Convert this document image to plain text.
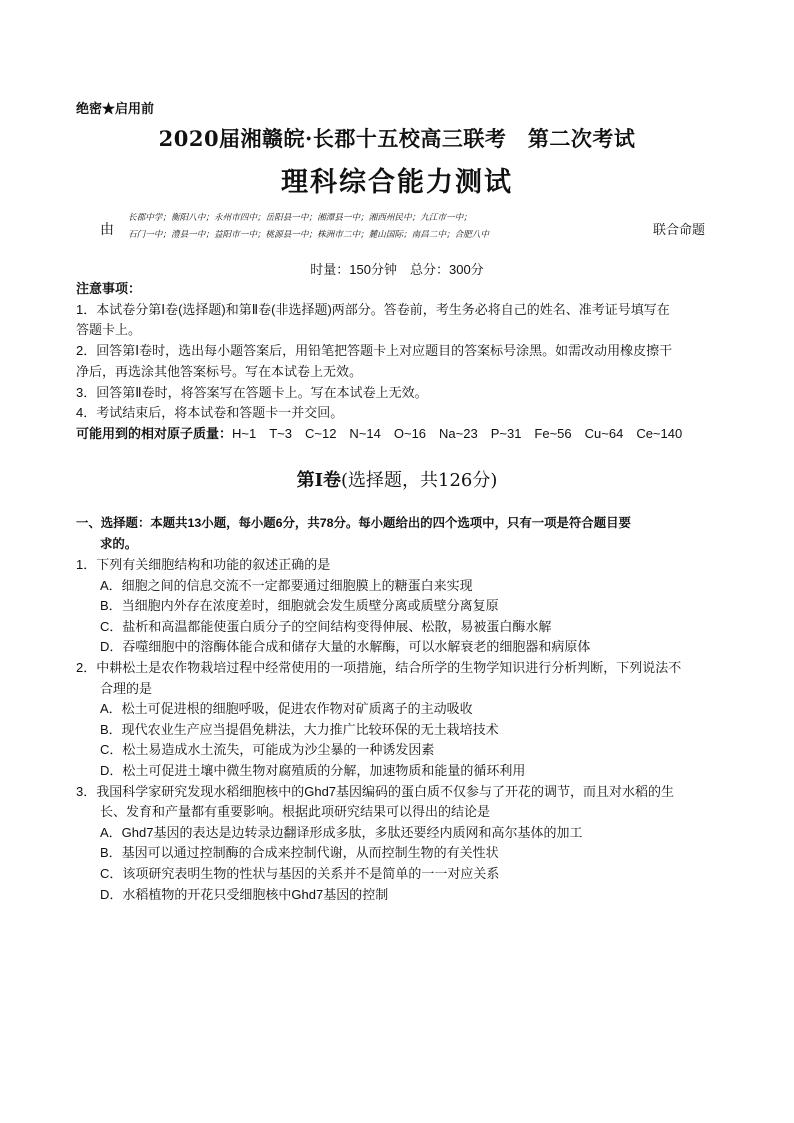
绝密★启用前
2020届湘赣皖·长郡十五校高三联考　第二次考试
理科综合能力测试
由
长郡中学；衡阳八中；永州市四中；岳阳县一中；湘潭县一中；湘西州民中；九江市一中；
石门一中；澧县一中；益阳市一中；桃源县一中；株洲市二中；麓山国际；南昌二中；合肥八中	联合命题
时量：150分钟　总分：300分
注意事项：
1．本试卷分第Ⅰ卷(选择题)和第Ⅱ卷(非选择题)两部分。答卷前，考生务必将自己的姓名、准考证号填写在
答题卡上。
2．回答第Ⅰ卷时，选出每小题答案后，用铅笔把答题卡上对应题目的答案标号涂黑。如需改动用橡皮擦干
净后，再选涂其他答案标号。写在本试卷上无效。
3．回答第Ⅱ卷时，将答案写在答题卡上。写在本试卷上无效。
4．考试结束后，将本试卷和答题卡一并交回。
可能用到的相对原子质量：H~1　T~3　C~12　N~14　O~16　Na~23　P~31　Fe~56　Cu~64　Ce~140
第Ⅰ卷(选择题，共126分)
一、选择题：本题共13小题，每小题6分，共78分。每小题给出的四个选项中，只有一项是符合题目要
求的。
1．下列有关细胞结构和功能的叙述正确的是
A．细胞之间的信息交流不一定都要通过细胞膜上的糖蛋白来实现
B．当细胞内外存在浓度差时，细胞就会发生质壁分离或质壁分离复原
C．盐析和高温都能使蛋白质分子的空间结构变得伸展、松散，易被蛋白酶水解
D．吞噬细胞中的溶酶体能合成和储存大量的水解酶，可以水解衰老的细胞器和病原体
2．中耕松土是农作物栽培过程中经常使用的一项措施，结合所学的生物学知识进行分析判断，下列说法不
合理的是
A．松土可促进根的细胞呼吸，促进农作物对矿质离子的主动吸收
B．现代农业生产应当提倡免耕法，大力推广比较环保的无土栽培技术
C．松土易造成水土流失，可能成为沙尘暴的一种诱发因素
D．松土可促进土壤中微生物对腐殖质的分解，加速物质和能量的循环利用
3．我国科学家研究发现水稻细胞核中的Ghd7基因编码的蛋白质不仅参与了开花的调节，而且对水稻的生
长、发育和产量都有重要影响。根据此项研究结果可以得出的结论是
A．Ghd7基因的表达是边转录边翻译形成多肽，多肽还要经内质网和高尔基体的加工
B．基因可以通过控制酶的合成来控制代谢，从而控制生物的有关性状
C．该项研究表明生物的性状与基因的关系并不是简单的一一对应关系
D．水稻植物的开花只受细胞核中Ghd7基因的控制
